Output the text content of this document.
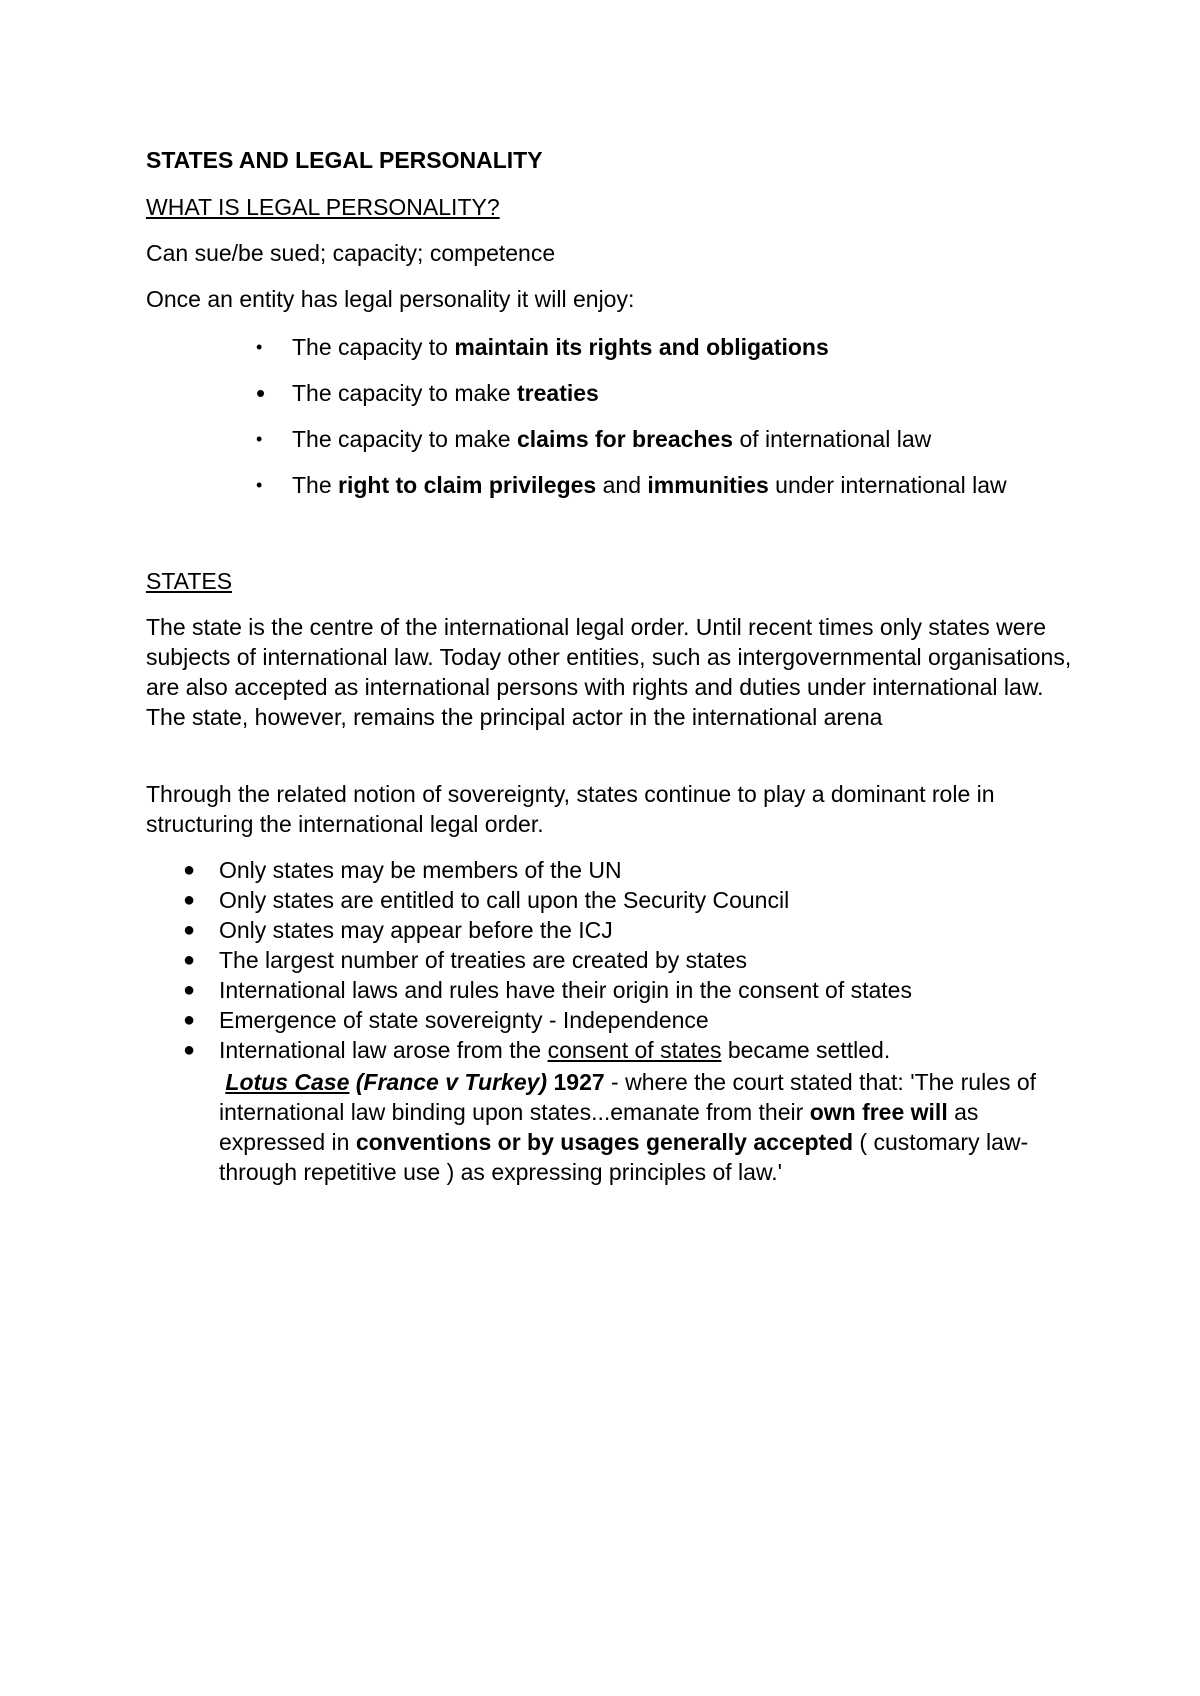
STATES AND LEGAL PERSONALITY
WHAT IS LEGAL PERSONALITY?
Can sue/be sued; capacity; competence
Once an entity has legal personality it will enjoy:
• The capacity to maintain its rights and obligations
• The capacity to make treaties
• The capacity to make claims for breaches of international law
• The right to claim privileges and immunities under international law
STATES
The state is the centre of the international legal order. Until recent times only states were subjects of international law. Today other entities, such as intergovernmental organisations, are also accepted as international persons with rights and duties under international law. The state, however, remains the principal actor in the international arena
Through the related notion of sovereignty, states continue to play a dominant role in structuring the international legal order.
● Only states may be members of the UN
● Only states are entitled to call upon the Security Council
● Only states may appear before the ICJ
● The largest number of treaties are created by states
● International laws and rules have their origin in the consent of states
● Emergence of state sovereignty - Independence
● International law arose from the consent of states became settled.
Lotus Case (France v Turkey) 1927 - where the court stated that: 'The rules of international law binding upon states...emanate from their own free will as expressed in conventions or by usages generally accepted ( customary law- through repetitive use ) as expressing principles of law.'
